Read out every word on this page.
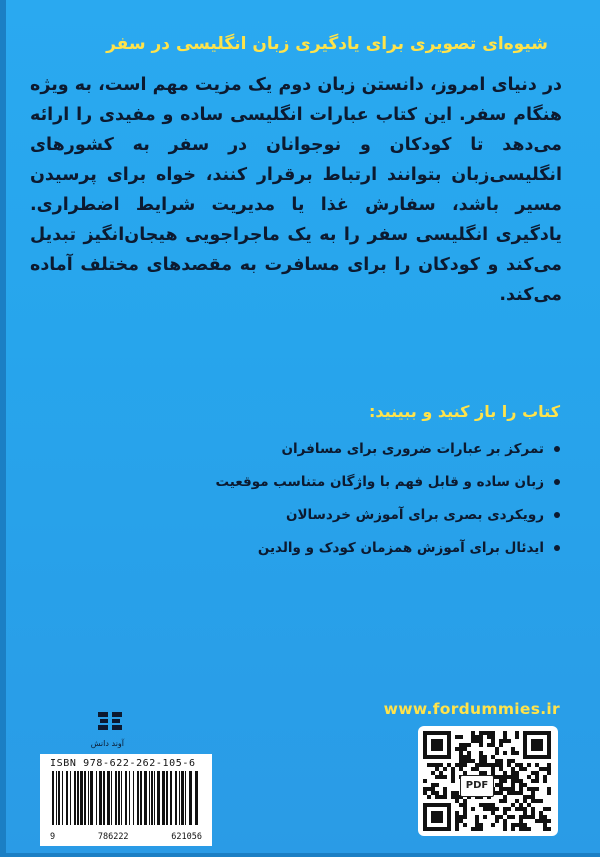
شیوه‌ای تصویری برای یادگیری زبان انگلیسی در سفر

در دنیای امروز، دانستن زبان دوم یک مزیت مهم است، به ویژه هنگام سفر. این کتاب عبارات انگلیسی ساده و مفیدی را ارائه می‌دهد تا کودکان و نوجوانان در سفر به کشورهای انگلیسی‌زبان بتوانند ارتباط برقرار کنند، خواه برای پرسیدن مسیر باشد، سفارش غذا یا مدیریت شرایط اضطراری. یادگیری انگلیسی سفر را به یک ماجراجویی هیجان‌انگیز تبدیل می‌کند و کودکان را برای مسافرت به مقصدهای مختلف آماده می‌کند.

کتاب را باز کنید و ببینید:
تمرکز بر عبارات ضروری برای مسافران
زبان ساده و قابل فهم با واژگان متناسب موقعیت
رویکردی بصری برای آموزش خردسالان
ایدئال برای آموزش همزمان کودک و والدین
www.fordummies.ir
آوند دانش
ISBN 978-622-262-105-6
9	786222	621056
PDF
